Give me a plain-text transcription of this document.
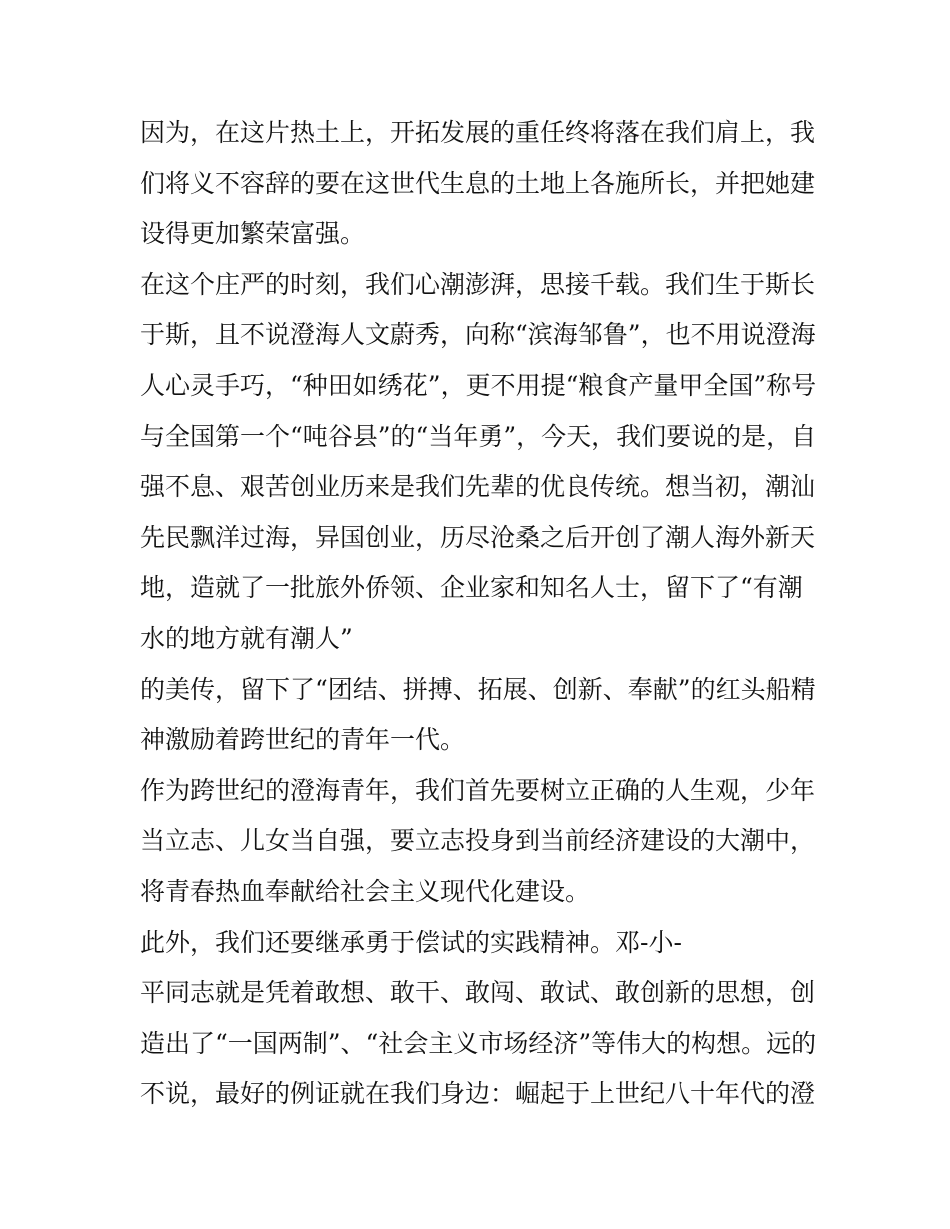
因为，在这片热土上，开拓发展的重任终将落在我们肩上，我
们将义不容辞的要在这世代生息的土地上各施所长，并把她建
设得更加繁荣富强。
在这个庄严的时刻，我们心潮澎湃，思接千载。我们生于斯长
于斯，且不说澄海人文蔚秀，向称“滨海邹鲁”，也不用说澄海
人心灵手巧，“种田如绣花”，更不用提“粮食产量甲全国”称号
与全国第一个“吨谷县”的“当年勇”，今天，我们要说的是，自
强不息、艰苦创业历来是我们先辈的优良传统。想当初，潮汕
先民飘洋过海，异国创业，历尽沧桑之后开创了潮人海外新天
地，造就了一批旅外侨领、企业家和知名人士，留下了“有潮
水的地方就有潮人”
的美传，留下了“团结、拼搏、拓展、创新、奉献”的红头船精
神激励着跨世纪的青年一代。
作为跨世纪的澄海青年，我们首先要树立正确的人生观，少年
当立志、儿女当自强，要立志投身到当前经济建设的大潮中，
将青春热血奉献给社会主义现代化建设。
此外，我们还要继承勇于偿试的实践精神。邓-小-
平同志就是凭着敢想、敢干、敢闯、敢试、敢创新的思想，创
造出了“一国两制”、“社会主义市场经济”等伟大的构想。远的
不说，最好的例证就在我们身边：崛起于上世纪八十年代的澄
